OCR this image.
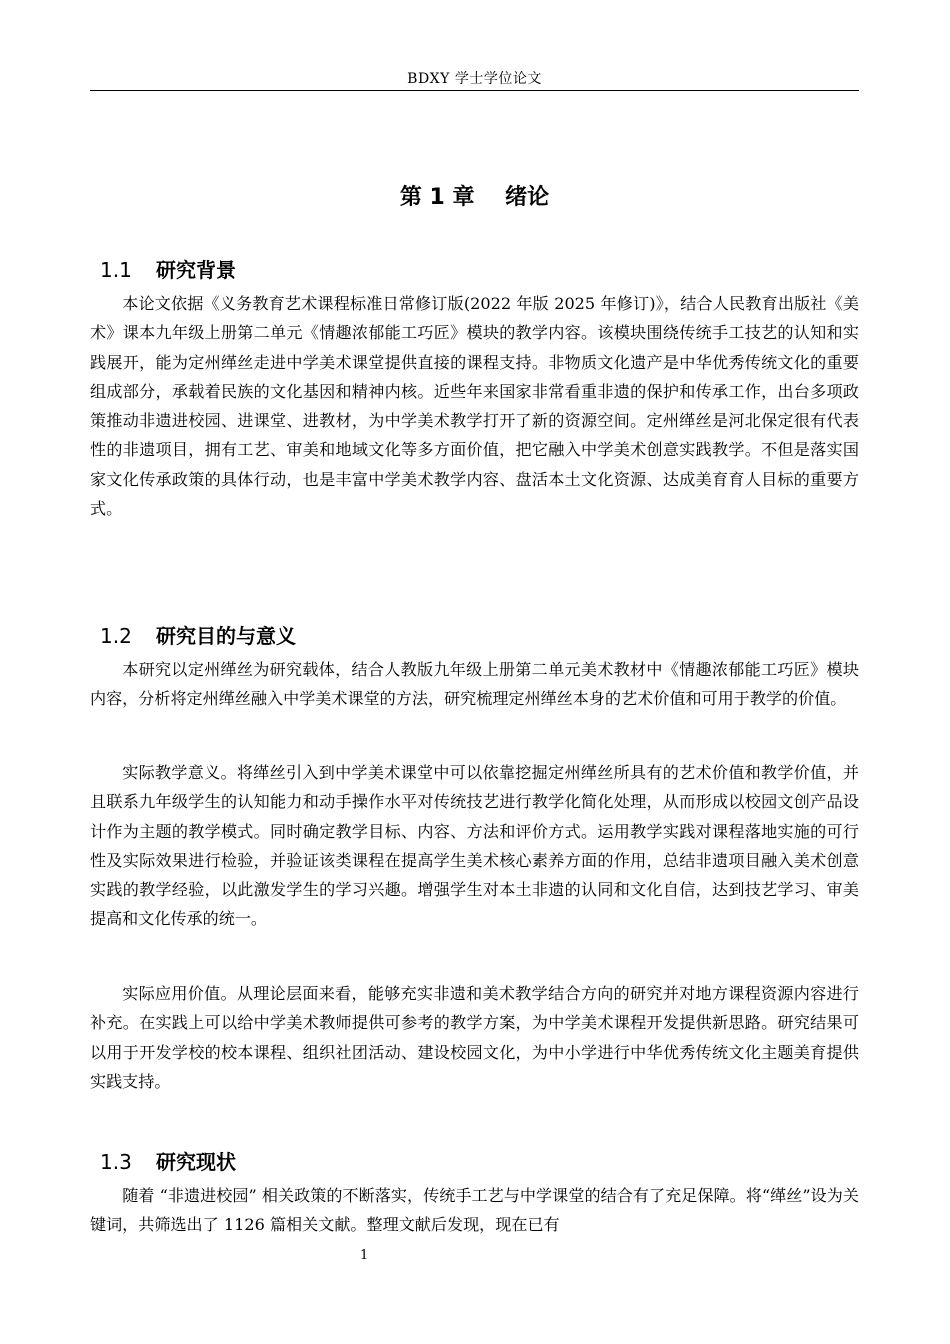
BDXY 学士学位论文
第 1 章    绪论
1.1 研究背景

本论文依据《义务教育艺术课程标准日常修订版(2022 年版 2025 年修订)》，结合人民教育出版社《美术》课本九年级上册第二单元《情趣浓郁能工巧匠》模块的教学内容。该模块围绕传统手工技艺的认知和实践展开，能为定州缂丝走进中学美术课堂提供直接的课程支持。非物质文化遗产是中华优秀传统文化的重要组成部分，承载着民族的文化基因和精神内核。近些年来国家非常看重非遗的保护和传承工作，出台多项政策推动非遗进校园、进课堂、进教材，为中学美术教学打开了新的资源空间。定州缂丝是河北保定很有代表性的非遗项目，拥有工艺、审美和地域文化等多方面价值，把它融入中学美术创意实践教学。不但是落实国家文化传承政策的具体行动，也是丰富中学美术教学内容、盘活本土文化资源、达成美育育人目标的重要方式。

1.2 研究目的与意义

本研究以定州缂丝为研究载体，结合人教版九年级上册第二单元美术教材中《情趣浓郁能工巧匠》模块内容，分析将定州缂丝融入中学美术课堂的方法，研究梳理定州缂丝本身的艺术价值和可用于教学的价值。

实际教学意义。将缂丝引入到中学美术课堂中可以依靠挖掘定州缂丝所具有的艺术价值和教学价值，并且联系九年级学生的认知能力和动手操作水平对传统技艺进行教学化简化处理，从而形成以校园文创产品设计作为主题的教学模式。同时确定教学目标、内容、方法和评价方式。运用教学实践对课程落地实施的可行性及实际效果进行检验，并验证该类课程在提高学生美术核心素养方面的作用，总结非遗项目融入美术创意实践的教学经验，以此激发学生的学习兴趣。增强学生对本土非遗的认同和文化自信，达到技艺学习、审美提高和文化传承的统一。

实际应用价值。从理论层面来看，能够充实非遗和美术教学结合方向的研究并对地方课程资源内容进行补充。在实践上可以给中学美术教师提供可参考的教学方案，为中学美术课程开发提供新思路。研究结果可以用于开发学校的校本课程、组织社团活动、建设校园文化，为中小学进行中华优秀传统文化主题美育提供实践支持。

1.3 研究现状

随着 “非遗进校园” 相关政策的不断落实，传统手工艺与中学课堂的结合有了充足保障。将“缂丝”设为关键词，共筛选出了 1126 篇相关文献。整理文献后发现，现在已有

1
